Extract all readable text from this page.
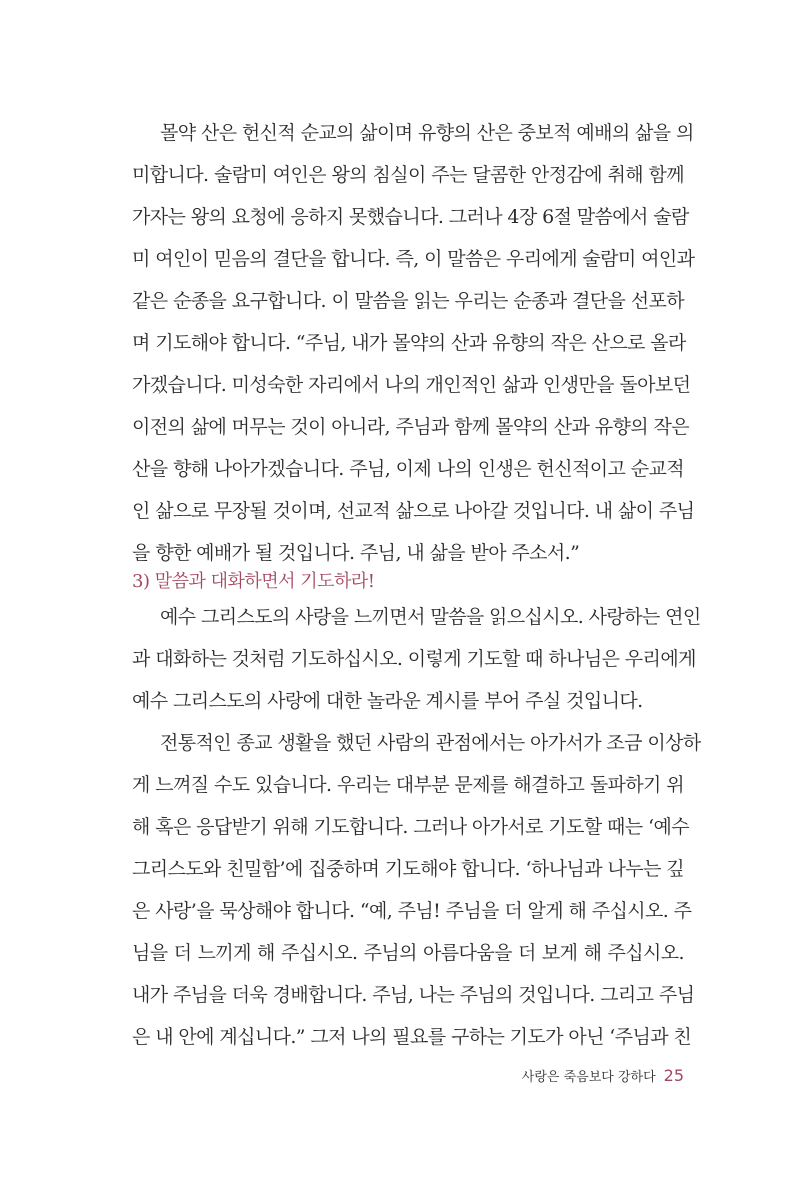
몰약 산은 헌신적 순교의 삶이며 유향의 산은 중보적 예배의 삶을 의
미합니다. 술람미 여인은 왕의 침실이 주는 달콤한 안정감에 취해 함께
가자는 왕의 요청에 응하지 못했습니다. 그러나 4장 6절 말씀에서 술람
미 여인이 믿음의 결단을 합니다. 즉, 이 말씀은 우리에게 술람미 여인과
같은 순종을 요구합니다. 이 말씀을 읽는 우리는 순종과 결단을 선포하
며 기도해야 합니다. “주님, 내가 몰약의 산과 유향의 작은 산으로 올라
가겠습니다. 미성숙한 자리에서 나의 개인적인 삶과 인생만을 돌아보던
이전의 삶에 머무는 것이 아니라, 주님과 함께 몰약의 산과 유향의 작은
산을 향해 나아가겠습니다. 주님, 이제 나의 인생은 헌신적이고 순교적
인 삶으로 무장될 것이며, 선교적 삶으로 나아갈 것입니다. 내 삶이 주님
을 향한 예배가 될 것입니다. 주님, 내 삶을 받아 주소서.”
3) 말씀과 대화하면서 기도하라!
예수 그리스도의 사랑을 느끼면서 말씀을 읽으십시오. 사랑하는 연인
과 대화하는 것처럼 기도하십시오. 이렇게 기도할 때 하나님은 우리에게
예수 그리스도의 사랑에 대한 놀라운 계시를 부어 주실 것입니다.
전통적인 종교 생활을 했던 사람의 관점에서는 아가서가 조금 이상하
게 느껴질 수도 있습니다. 우리는 대부분 문제를 해결하고 돌파하기 위
해 혹은 응답받기 위해 기도합니다. 그러나 아가서로 기도할 때는 ‘예수
그리스도와 친밀함’에 집중하며 기도해야 합니다. ‘하나님과 나누는 깊
은 사랑’을 묵상해야 합니다. “예, 주님! 주님을 더 알게 해 주십시오. 주
님을 더 느끼게 해 주십시오. 주님의 아름다움을 더 보게 해 주십시오.
내가 주님을 더욱 경배합니다. 주님, 나는 주님의 것입니다. 그리고 주님
은 내 안에 계십니다.” 그저 나의 필요를 구하는 기도가 아닌 ‘주님과 친
사랑은 죽음보다 강하다 25
